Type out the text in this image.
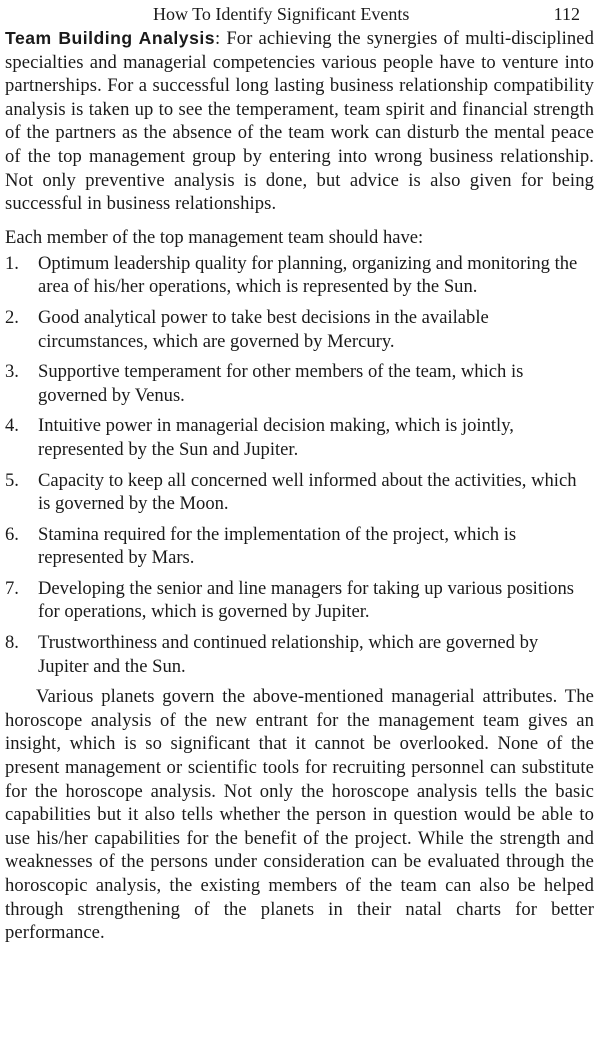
How To Identify Significant Events	112

Team Building Analysis: For achieving the synergies of multi-disciplined specialties and managerial competencies various people have to venture into partnerships. For a successful long lasting business relationship compatibility analysis is taken up to see the temperament, team spirit and financial strength of the partners as the absence of the team work can disturb the mental peace of the top management group by entering into wrong business relationship. Not only preventive analysis is done, but advice is also given for being successful in business relationships.

Each member of the top management team should have:

1 .	Optimum leadership quality for planning, organizing and monitoring the area of his/her operations, which is represented by the Sun.
2 .	Good analytical power to take best decisions in the available circumstances, which are governed by Mercury.
3 .	Supportive temperament for other members of the team, which is governed by Venus.
4 .	Intuitive power in managerial decision making, which is jointly, represented by the Sun and Jupiter.
5 .	Capacity to keep all concerned well informed about the activities, which is governed by the Moon.
6 .	Stamina required for the implementation of the project, which is represented by Mars.
7 .	Developing the senior and line managers for taking up various positions for operations, which is governed by Jupiter.
8 .	Trustworthiness and continued relationship, which are governed by Jupiter and the Sun.

Various planets govern the above-mentioned managerial attributes. The horoscope analysis of the new entrant for the management team gives an insight, which is so significant that it cannot be overlooked. None of the present management or scientific tools for recruiting personnel can substitute for the horoscope analysis. Not only the horoscope analysis tells the basic capabilities but it also tells whether the person in question would be able to use his/her capabilities for the benefit of the project. While the strength and weaknesses of the persons under consideration can be evaluated through the horoscopic analysis, the existing members of the team can also be helped through strengthening of the planets in their natal charts for better performance.
